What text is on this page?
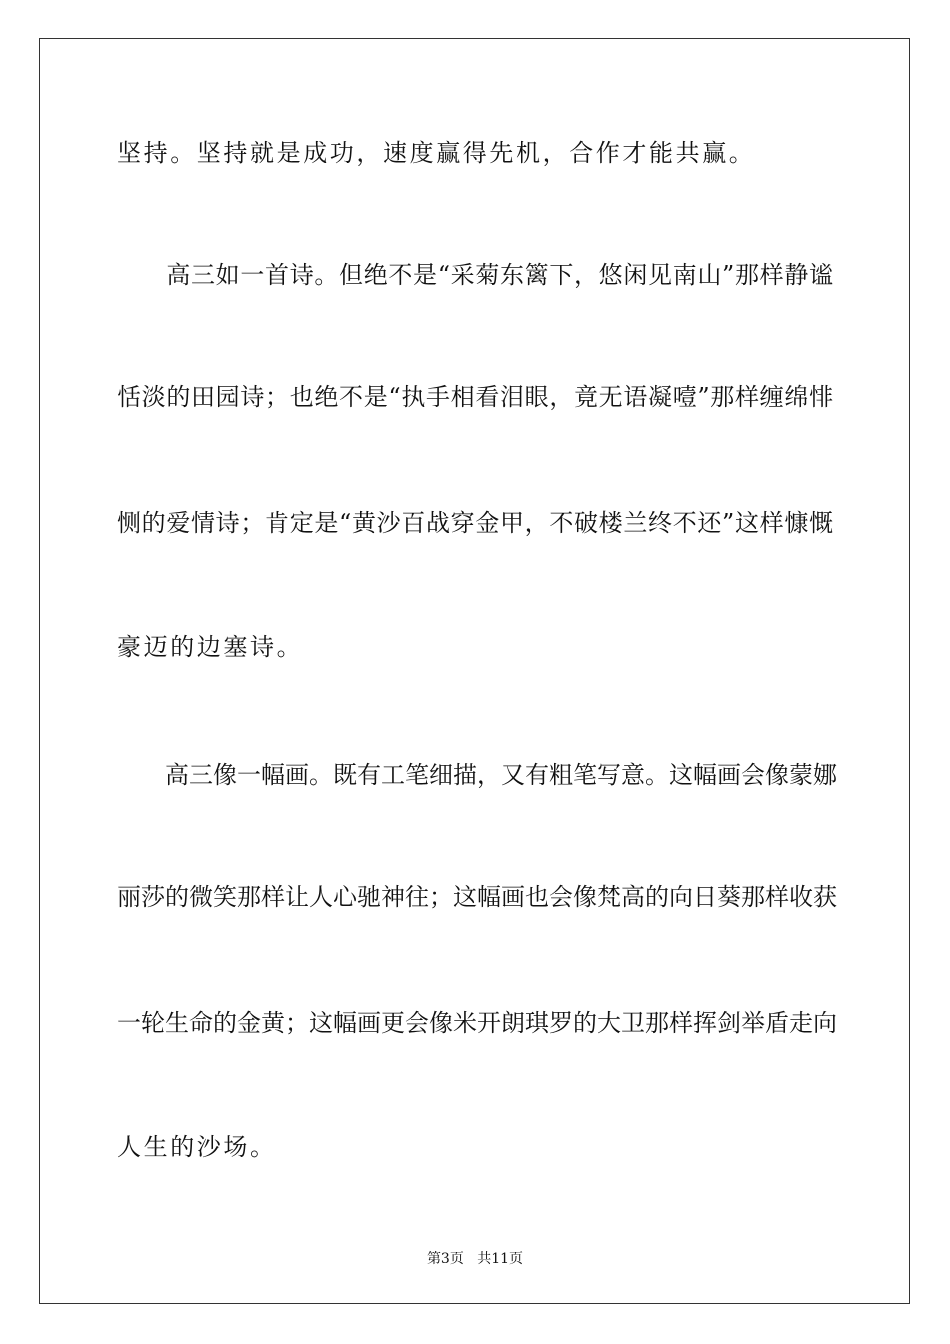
坚持。坚持就是成功，速度赢得先机，合作才能共赢。
　　高三如一首诗。但绝不是“采菊东篱下，悠闲见南山”那样静谧
恬淡的田园诗；也绝不是“执手相看泪眼，竟无语凝噎”那样缠绵悱
恻的爱情诗；肯定是“黄沙百战穿金甲，不破楼兰终不还”这样慷慨
豪迈的边塞诗。
　　高三像一幅画。既有工笔细描，又有粗笔写意。这幅画会像蒙娜
丽莎的微笑那样让人心驰神往；这幅画也会像梵高的向日葵那样收获
一轮生命的金黄；这幅画更会像米开朗琪罗的大卫那样挥剑举盾走向
人生的沙场。
第3页 共11页
